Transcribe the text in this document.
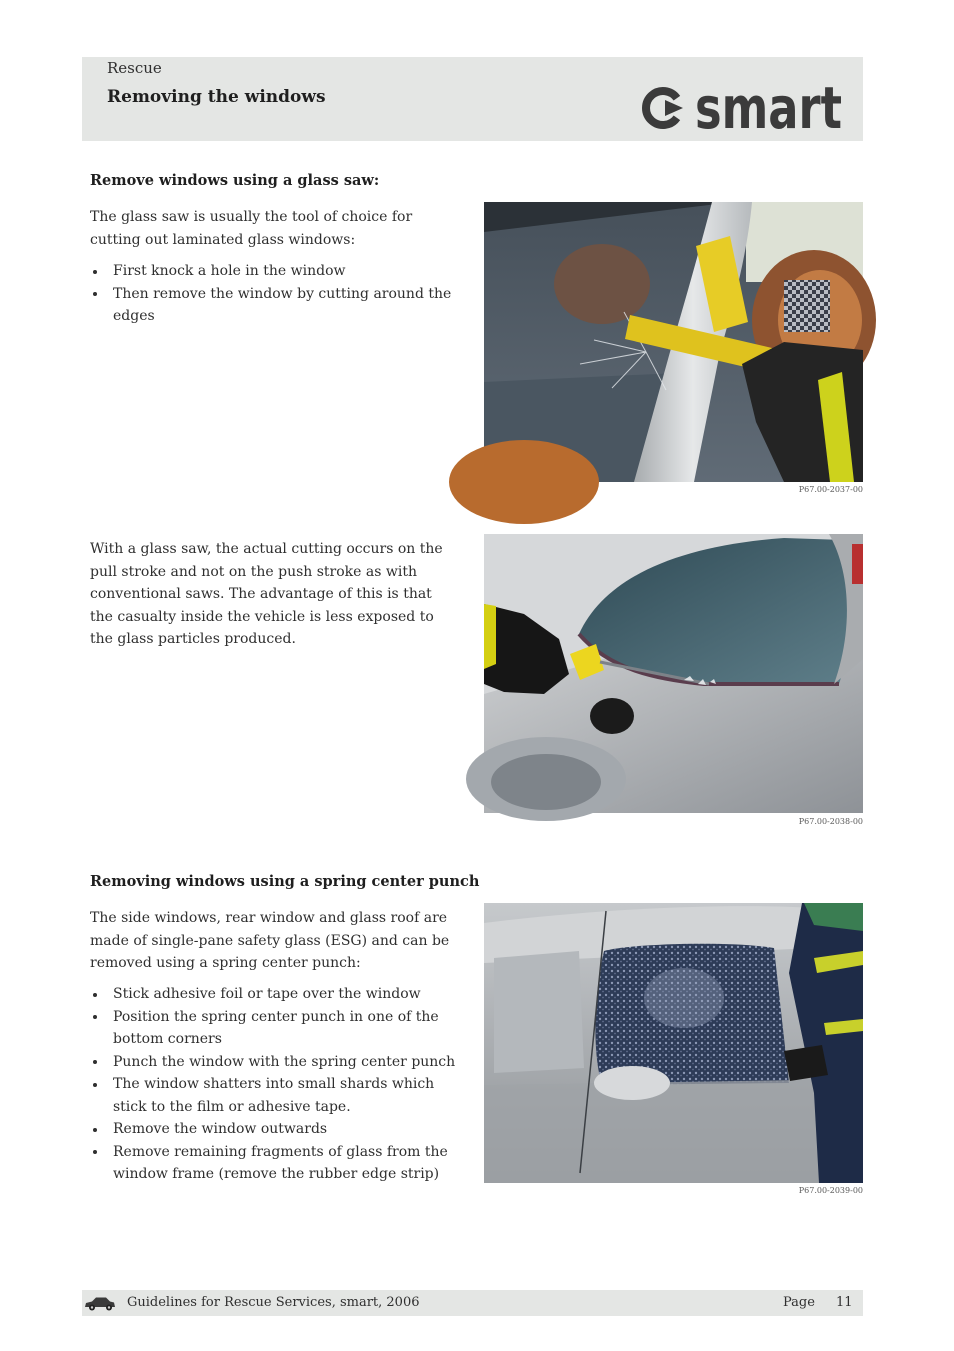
Rescue
Removing the windows	smart
Remove windows using a glass saw:

The glass saw is usually the tool of choice for
cutting out laminated glass windows:

First knock a hole in the window
Then remove the window by cutting around the
edges
P67.00-2037-00

With a glass saw, the actual cutting occurs on the
pull stroke and not on the push stroke as with
conventional saws. The advantage of this is that
the casualty inside the vehicle is less exposed to
the glass particles produced.

P67.00-2038-00
Removing windows using a spring center punch

The side windows, rear window and glass roof are
made of single-pane safety glass (ESG) and can be
removed using a spring center punch:

Stick adhesive foil or tape over the window
Position the spring center punch in one of the
bottom corners
Punch the window with the spring center punch
The window shatters into small shards which
stick to the film or adhesive tape.
Remove the window outwards
Remove remaining fragments of glass from the
window frame (remove the rubber edge strip)
P67.00-2039-00
Guidelines for Rescue Services, smart, 2006	Page 11
